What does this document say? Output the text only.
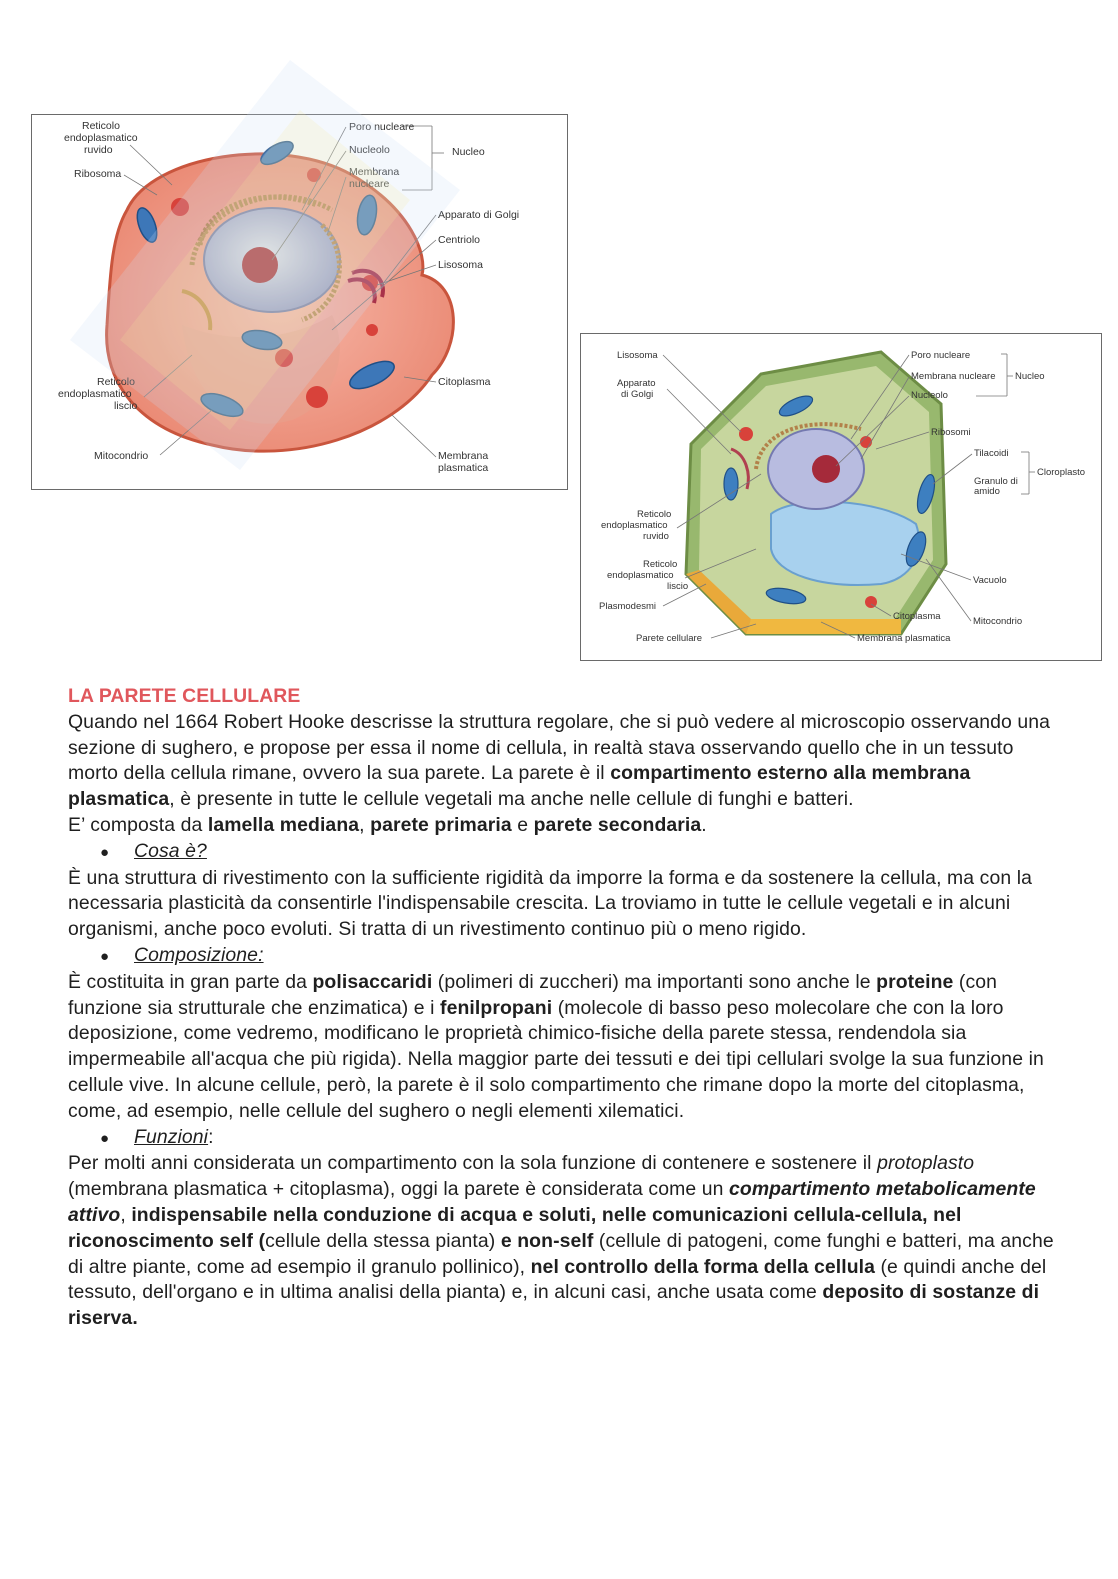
Reticolo
endoplasmatico
ruvido
Ribosoma
Poro nucleare
Nucleolo
Membrana
nucleare
Nucleo
Apparato di Golgi
Centriolo
Lisosoma
Reticolo
endoplasmatico
liscio
Citoplasma
Mitocondrio	Membrana
plasmatica
Lisosoma
Apparato
di Golgi
Poro nucleare
Membrana nucleare
Nucleolo
Nucleo
Ribosomi
Tilacoidi
Granulo di
amido
Cloroplasto
Reticolo
endoplasmatico
ruvido
Reticolo
endoplasmatico
liscio
Vacuolo
Plasmodesmi
Citoplasma	Mitocondrio
Parete cellulare	Membrana plasmatica

LA PARETE CELLULARE

Quando nel 1664 Robert Hooke descrisse la struttura regolare, che si può vedere al microscopio osservando una sezione di sughero, e propose per essa il nome di cellula, in realtà stava osservando quello che in un tessuto morto della cellula rimane, ovvero la sua parete. La parete è il compartimento esterno alla membrana plasmatica, è presente in tutte le cellule vegetali ma anche nelle cellule di funghi e batteri.

E’ composta da lamella mediana, parete primaria e parete secondaria.

● Cosa è?

È una struttura di rivestimento con la sufficiente rigidità da imporre la forma e da sostenere la cellula, ma con la necessaria plasticità da consentirle l'indispensabile crescita. La troviamo in tutte le cellule vegetali e in alcuni organismi, anche poco evoluti. Si tratta di un rivestimento continuo più o meno rigido.

● Composizione:

È costituita in gran parte da polisaccaridi (polimeri di zuccheri) ma importanti sono anche le proteine (con funzione sia strutturale che enzimatica) e i fenilpropani (molecole di basso peso molecolare che con la loro deposizione, come vedremo, modificano le proprietà chimico-fisiche della parete stessa, rendendola sia impermeabile all'acqua che più rigida). Nella maggior parte dei tessuti e dei tipi cellulari svolge la sua funzione in cellule vive. In alcune cellule, però, la parete è il solo compartimento che rimane dopo la morte del citoplasma, come, ad esempio, nelle cellule del sughero o negli elementi xilematici.

● Funzioni:

Per molti anni considerata un compartimento con la sola funzione di contenere e sostenere il protoplasto (membrana plasmatica + citoplasma), oggi la parete è considerata come un compartimento metabolicamente attivo, indispensabile nella conduzione di acqua e soluti, nelle comunicazioni cellula-cellula, nel riconoscimento self (cellule della stessa pianta) e non-self (cellule di patogeni, come funghi e batteri, ma anche di altre piante, come ad esempio il granulo pollinico), nel controllo della forma della cellula (e quindi anche del tessuto, dell'organo e in ultima analisi della pianta) e, in alcuni casi, anche usata come deposito di sostanze di riserva.
